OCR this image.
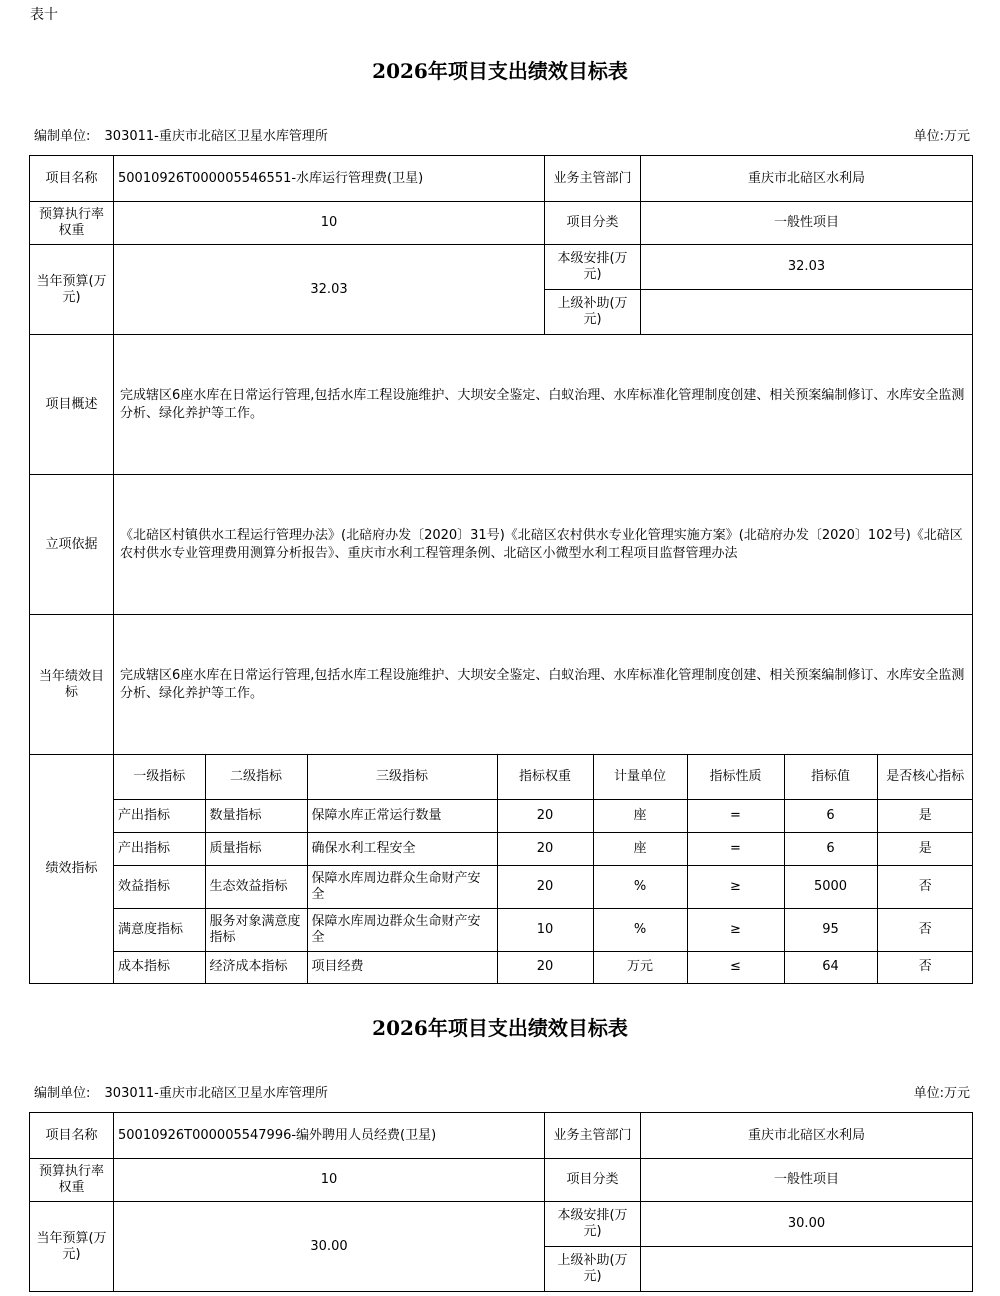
表十
2026年项目支出绩效目标表
编制单位: 303011-重庆市北碚区卫星水库管理所	单位:万元
项目名称	50010926T000005546551-水库运行管理费(卫星)	业务主管部门	重庆市北碚区水利局
预算执行率权重	10	项目分类	一般性项目
当年预算(万元)	32.03	本级安排(万元)	32.03
上级补助(万元)	
项目概述	完成辖区6座水库在日常运行管理,包括水库工程设施维护、大坝安全鉴定、白蚁治理、水库标准化管理制度创建、相关预案编制修订、水库安全监测分析、绿化养护等工作。
立项依据	《北碚区村镇供水工程运行管理办法》(北碚府办发〔2020〕31号)《北碚区农村供水专业化管理实施方案》(北碚府办发〔2020〕102号)《北碚区农村供水专业管理费用测算分析报告》、重庆市水利工程管理条例、北碚区小微型水利工程项目监督管理办法
当年绩效目标	完成辖区6座水库在日常运行管理,包括水库工程设施维护、大坝安全鉴定、白蚁治理、水库标准化管理制度创建、相关预案编制修订、水库安全监测分析、绿化养护等工作。
绩效指标	
一级指标	二级指标	三级指标	指标权重	计量单位	指标性质	指标值	是否核心指标
产出指标	数量指标	保障水库正常运行数量	20	座	=	6	是
产出指标	质量指标	确保水利工程安全	20	座	=	6	是
效益指标	生态效益指标	保障水库周边群众生命财产安全	20	%	≥	5000	否
满意度指标	服务对象满意度指标	保障水库周边群众生命财产安全	10	%	≥	95	否
成本指标	经济成本指标	项目经费	20	万元	≤	64	否
2026年项目支出绩效目标表
编制单位: 303011-重庆市北碚区卫星水库管理所	单位:万元
项目名称	50010926T000005547996-编外聘用人员经费(卫星)	业务主管部门	重庆市北碚区水利局
预算执行率权重	10	项目分类	一般性项目
当年预算(万元)	30.00	本级安排(万元)	30.00
		上级补助(万元)	
